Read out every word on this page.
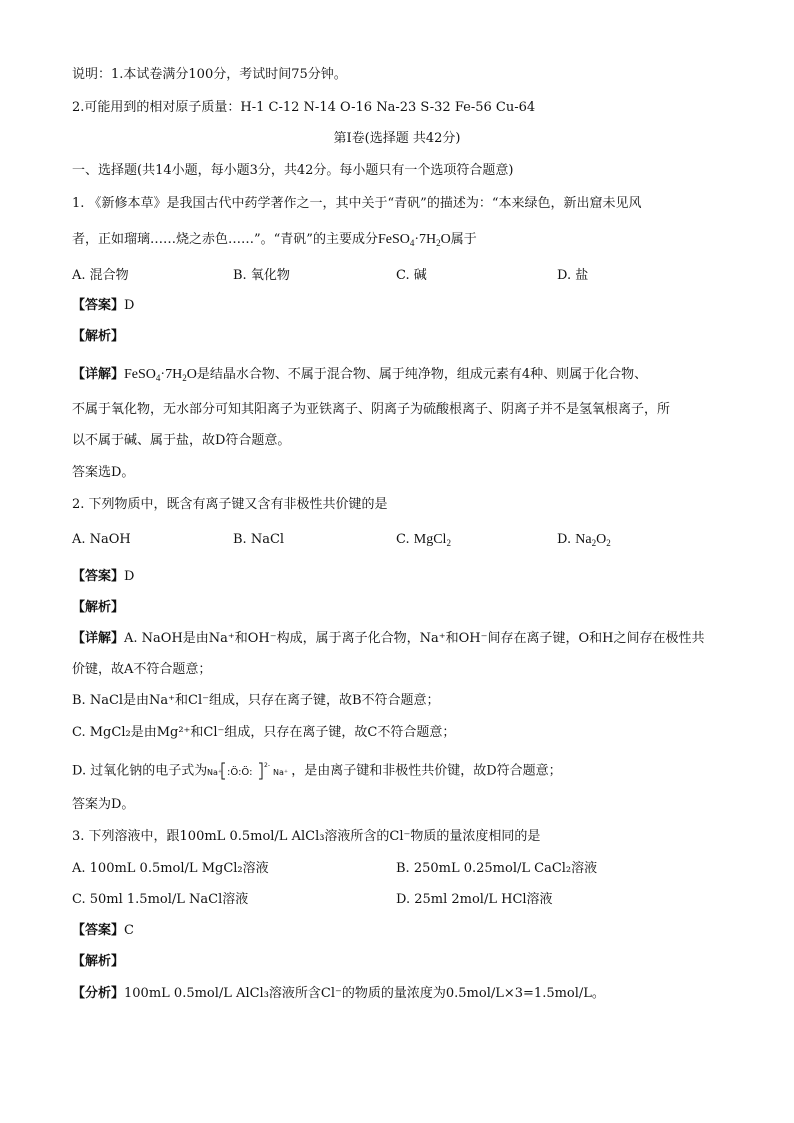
说明：1.本试卷满分100分，考试时间75分钟。
2.可能用到的相对原子质量：H-1 C-12 N-14 O-16 Na-23 S-32 Fe-56 Cu-64
第Ⅰ卷(选择题 共42分)
一、选择题(共14小题，每小题3分，共42分。每小题只有一个选项符合题意)
1. 《新修本草》是我国古代中药学著作之一，其中关于“青矾”的描述为：“本来绿色，新出窟未见风
者，正如瑠璃……烧之赤色……”。“青矾”的主要成分$FeSO_4\cdot 7H_2O$属于
A. 混合物	B. 氧化物	C. 碱	D. 盐
【答案】D
【解析】
【详解】$FeSO_4\cdot 7H_2O$是结晶水合物、不属于混合物、属于纯净物，组成元素有4种、则属于化合物、
不属于氧化物，无水部分可知其阳离子为亚铁离子、阴离子为硫酸根离子、阴离子并不是氢氧根离子，所
以不属于碱、属于盐，故D符合题意。
答案选D。
2. 下列物质中，既含有离子键又含有非极性共价键的是
A. NaOH	B. NaCl	C. MgCl$_2$	D. $Na_2O_2$
【答案】D
【解析】
【详解】A. NaOH是由Na⁺和OH⁻构成，属于离子化合物，Na⁺和OH⁻间存在离子键，O和H之间存在极性共
价键，故A不符合题意；
B. NaCl是由Na⁺和Cl⁻组成，只存在离子键，故B不符合题意；
C. MgCl₂是由Mg²⁺和Cl⁻组成，只存在离子键，故C不符合题意；
D. 过氧化钠的电子式为 Na⁺ :Ö:Ö:
2-
Na⁺ ，是由离子键和非极性共价键，故D符合题意；
答案为D。
3. 下列溶液中，跟100mL 0.5mol/L AlCl₃溶液所含的Cl⁻物质的量浓度相同的是
A. 100mL 0.5mol/L MgCl₂溶液	B. 250mL 0.25mol/L CaCl₂溶液
C. 50ml 1.5mol/L NaCl溶液	D. 25ml 2mol/L HCl溶液
【答案】C
【解析】
【分析】100mL 0.5mol/L AlCl₃溶液所含Cl⁻的物质的量浓度为0.5mol/L×3=1.5mol/L。
